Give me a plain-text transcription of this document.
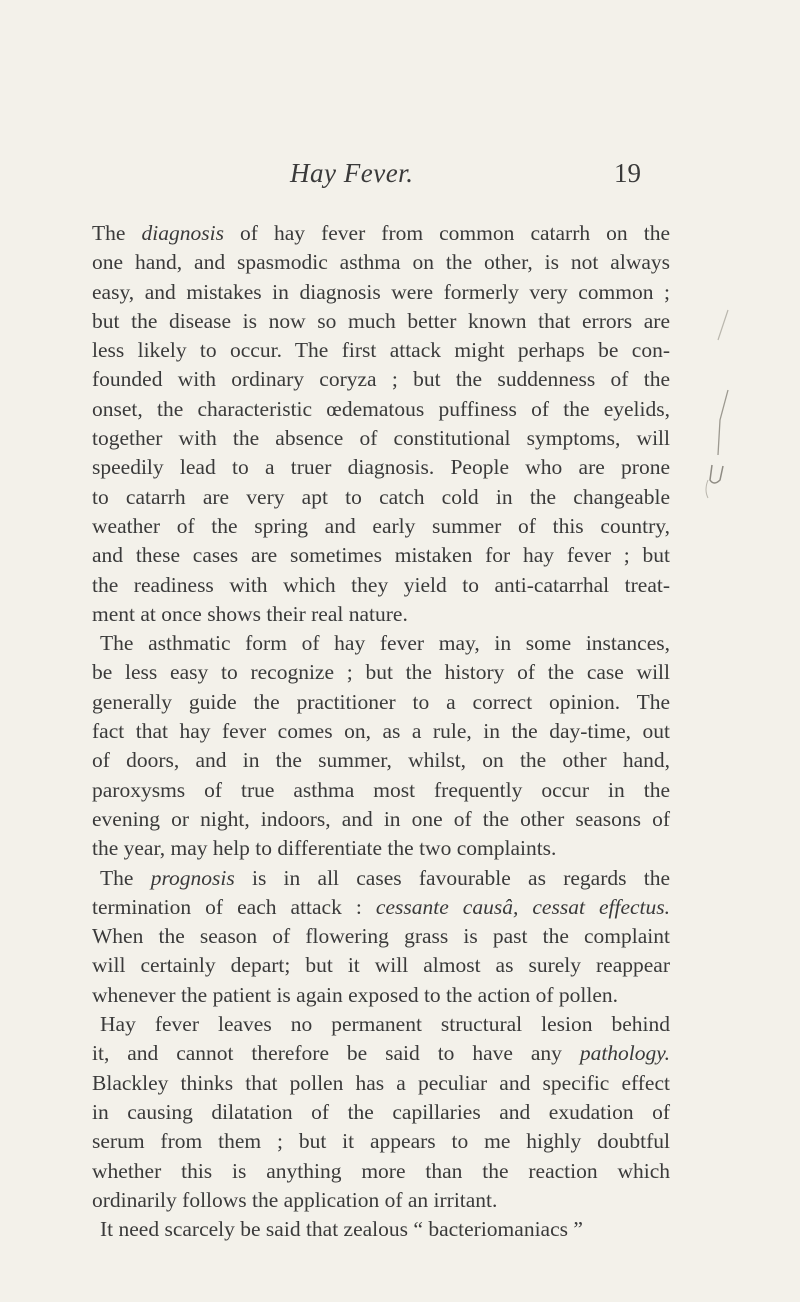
Hay Fever.	19
The diagnosis of hay fever from common catarrh on the
one hand, and spasmodic asthma on the other, is not always
easy, and mistakes in diagnosis were formerly very common ;
but the disease is now so much better known that errors are
less likely to occur. The first attack might perhaps be con-
founded with ordinary coryza ; but the suddenness of the
onset, the characteristic œdematous puffiness of the eyelids,
together with the absence of constitutional symptoms, will
speedily lead to a truer diagnosis. People who are prone
to catarrh are very apt to catch cold in the changeable
weather of the spring and early summer of this country,
and these cases are sometimes mistaken for hay fever ; but
the readiness with which they yield to anti-catarrhal treat-
ment at once shows their real nature.
The asthmatic form of hay fever may, in some instances,
be less easy to recognize ; but the history of the case will
generally guide the practitioner to a correct opinion. The
fact that hay fever comes on, as a rule, in the day-time, out
of doors, and in the summer, whilst, on the other hand,
paroxysms of true asthma most frequently occur in the
evening or night, indoors, and in one of the other seasons of
the year, may help to differentiate the two complaints.
The prognosis is in all cases favourable as regards the
termination of each attack : cessante causâ, cessat effectus.
When the season of flowering grass is past the complaint
will certainly depart; but it will almost as surely reappear
whenever the patient is again exposed to the action of pollen.
Hay fever leaves no permanent structural lesion behind
it, and cannot therefore be said to have any pathology.
Blackley thinks that pollen has a peculiar and specific effect
in causing dilatation of the capillaries and exudation of
serum from them ; but it appears to me highly doubtful
whether this is anything more than the reaction which
ordinarily follows the application of an irritant.
It need scarcely be said that zealous “ bacteriomaniacs ”
